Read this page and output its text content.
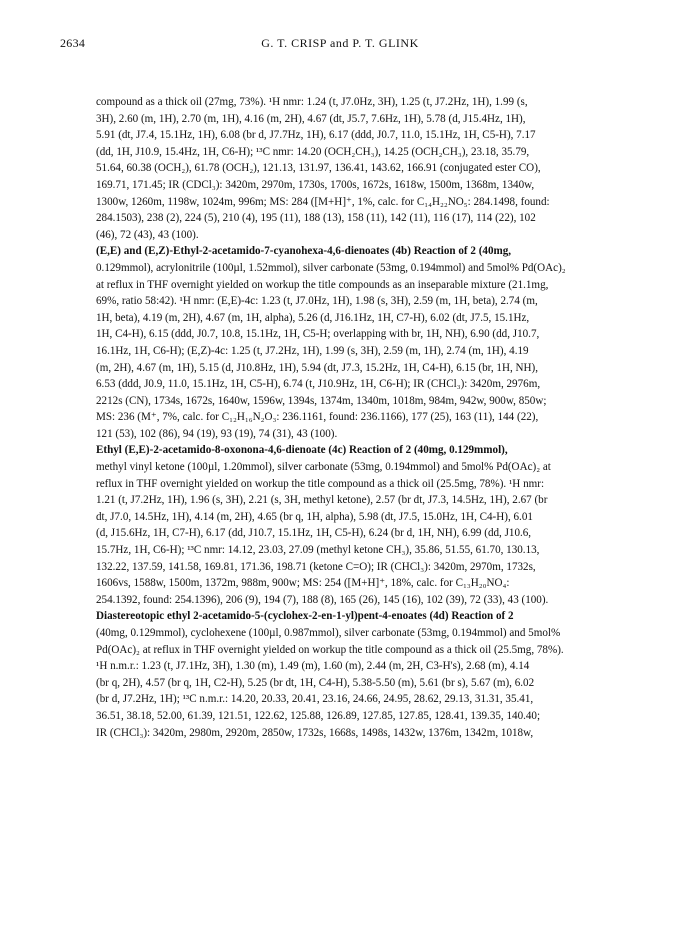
2634	G. T. CRISP and P. T. GLINK
compound as a thick oil (27mg, 73%). ¹H nmr: 1.24 (t, J7.0Hz, 3H), 1.25 (t, J7.2Hz, 1H), 1.99 (s,
3H), 2.60 (m, 1H), 2.70 (m, 1H), 4.16 (m, 2H), 4.67 (dt, J5.7, 7.6Hz, 1H), 5.78 (d, J15.4Hz, 1H),
5.91 (dt, J7.4, 15.1Hz, 1H), 6.08 (br d, J7.7Hz, 1H), 6.17 (ddd, J0.7, 11.0, 15.1Hz, 1H, C5-H), 7.17
(dd, 1H, J10.9, 15.4Hz, 1H, C6-H); ¹³C nmr: 14.20 (OCH₂CH₃), 14.25 (OCH₂CH₃), 23.18, 35.79,
51.64, 60.38 (OCH₂), 61.78 (OCH₂), 121.13, 131.97, 136.41, 143.62, 166.91 (conjugated ester CO),
169.71, 171.45; IR (CDCl₃): 3420m, 2970m, 1730s, 1700s, 1672s, 1618w, 1500m, 1368m, 1340w,
1300w, 1260m, 1198w, 1024m, 996m; MS: 284 ([M+H]⁺, 1%, calc. for C₁₄H₂₂NO₅: 284.1498, found:
284.1503), 238 (2), 224 (5), 210 (4), 195 (11), 188 (13), 158 (11), 142 (11), 116 (17), 114 (22), 102
(46), 72 (43), 43 (100).
(E,E) and (E,Z)-Ethyl-2-acetamido-7-cyanohexa-4,6-dienoates (4b) Reaction of 2 (40mg,
0.129mmol), acrylonitrile (100µl, 1.52mmol), silver carbonate (53mg, 0.194mmol) and 5mol% Pd(OAc)₂
at reflux in THF overnight yielded on workup the title compounds as an inseparable mixture (21.1mg,
69%, ratio 58:42). ¹H nmr: (E,E)-4c: 1.23 (t, J7.0Hz, 1H), 1.98 (s, 3H), 2.59 (m, 1H, beta), 2.74 (m,
1H, beta), 4.19 (m, 2H), 4.67 (m, 1H, alpha), 5.26 (d, J16.1Hz, 1H, C7-H), 6.02 (dt, J7.5, 15.1Hz,
1H, C4-H), 6.15 (ddd, J0.7, 10.8, 15.1Hz, 1H, C5-H; overlapping with br, 1H, NH), 6.90 (dd, J10.7,
16.1Hz, 1H, C6-H); (E,Z)-4c: 1.25 (t, J7.2Hz, 1H), 1.99 (s, 3H), 2.59 (m, 1H), 2.74 (m, 1H), 4.19
(m, 2H), 4.67 (m, 1H), 5.15 (d, J10.8Hz, 1H), 5.94 (dt, J7.3, 15.2Hz, 1H, C4-H), 6.15 (br, 1H, NH),
6.53 (ddd, J0.9, 11.0, 15.1Hz, 1H, C5-H), 6.74 (t, J10.9Hz, 1H, C6-H); IR (CHCl₃): 3420m, 2976m,
2212s (CN), 1734s, 1672s, 1640w, 1596w, 1394s, 1374m, 1340m, 1018m, 984m, 942w, 900w, 850w;
MS: 236 (M⁺, 7%, calc. for C₁₂H₁₆N₂O₃: 236.1161, found: 236.1166), 177 (25), 163 (11), 144 (22),
121 (53), 102 (86), 94 (19), 93 (19), 74 (31), 43 (100).
Ethyl (E,E)-2-acetamido-8-oxonona-4,6-dienoate (4c) Reaction of 2 (40mg, 0.129mmol),
methyl vinyl ketone (100µl, 1.20mmol), silver carbonate (53mg, 0.194mmol) and 5mol% Pd(OAc)₂ at
reflux in THF overnight yielded on workup the title compound as a thick oil (25.5mg, 78%). ¹H nmr:
1.21 (t, J7.2Hz, 1H), 1.96 (s, 3H), 2.21 (s, 3H, methyl ketone), 2.57 (br dt, J7.3, 14.5Hz, 1H), 2.67 (br
dt, J7.0, 14.5Hz, 1H), 4.14 (m, 2H), 4.65 (br q, 1H, alpha), 5.98 (dt, J7.5, 15.0Hz, 1H, C4-H), 6.01
(d, J15.6Hz, 1H, C7-H), 6.17 (dd, J10.7, 15.1Hz, 1H, C5-H), 6.24 (br d, 1H, NH), 6.99 (dd, J10.6,
15.7Hz, 1H, C6-H); ¹³C nmr: 14.12, 23.03, 27.09 (methyl ketone CH₃), 35.86, 51.55, 61.70, 130.13,
132.22, 137.59, 141.58, 169.81, 171.36, 198.71 (ketone C=O); IR (CHCl₃): 3420m, 2970m, 1732s,
1606vs, 1588w, 1500m, 1372m, 988m, 900w; MS: 254 ([M+H]⁺, 18%, calc. for C₁₃H₂₀NO₄:
254.1392, found: 254.1396), 206 (9), 194 (7), 188 (8), 165 (26), 145 (16), 102 (39), 72 (33), 43 (100).
Diastereotopic ethyl 2-acetamido-5-(cyclohex-2-en-1-yl)pent-4-enoates (4d) Reaction of 2
(40mg, 0.129mmol), cyclohexene (100µl, 0.987mmol), silver carbonate (53mg, 0.194mmol) and 5mol%
Pd(OAc)₂ at reflux in THF overnight yielded on workup the title compound as a thick oil (25.5mg, 78%).
¹H n.m.r.: 1.23 (t, J7.1Hz, 3H), 1.30 (m), 1.49 (m), 1.60 (m), 2.44 (m, 2H, C3-H's), 2.68 (m), 4.14
(br q, 2H), 4.57 (br q, 1H, C2-H), 5.25 (br dt, 1H, C4-H), 5.38-5.50 (m), 5.61 (br s), 5.67 (m), 6.02
(br d, J7.2Hz, 1H); ¹³C n.m.r.: 14.20, 20.33, 20.41, 23.16, 24.66, 24.95, 28.62, 29.13, 31.31, 35.41,
36.51, 38.18, 52.00, 61.39, 121.51, 122.62, 125.88, 126.89, 127.85, 127.85, 128.41, 139.35, 140.40;
IR (CHCl₃): 3420m, 2980m, 2920m, 2850w, 1732s, 1668s, 1498s, 1432w, 1376m, 1342m, 1018w,
